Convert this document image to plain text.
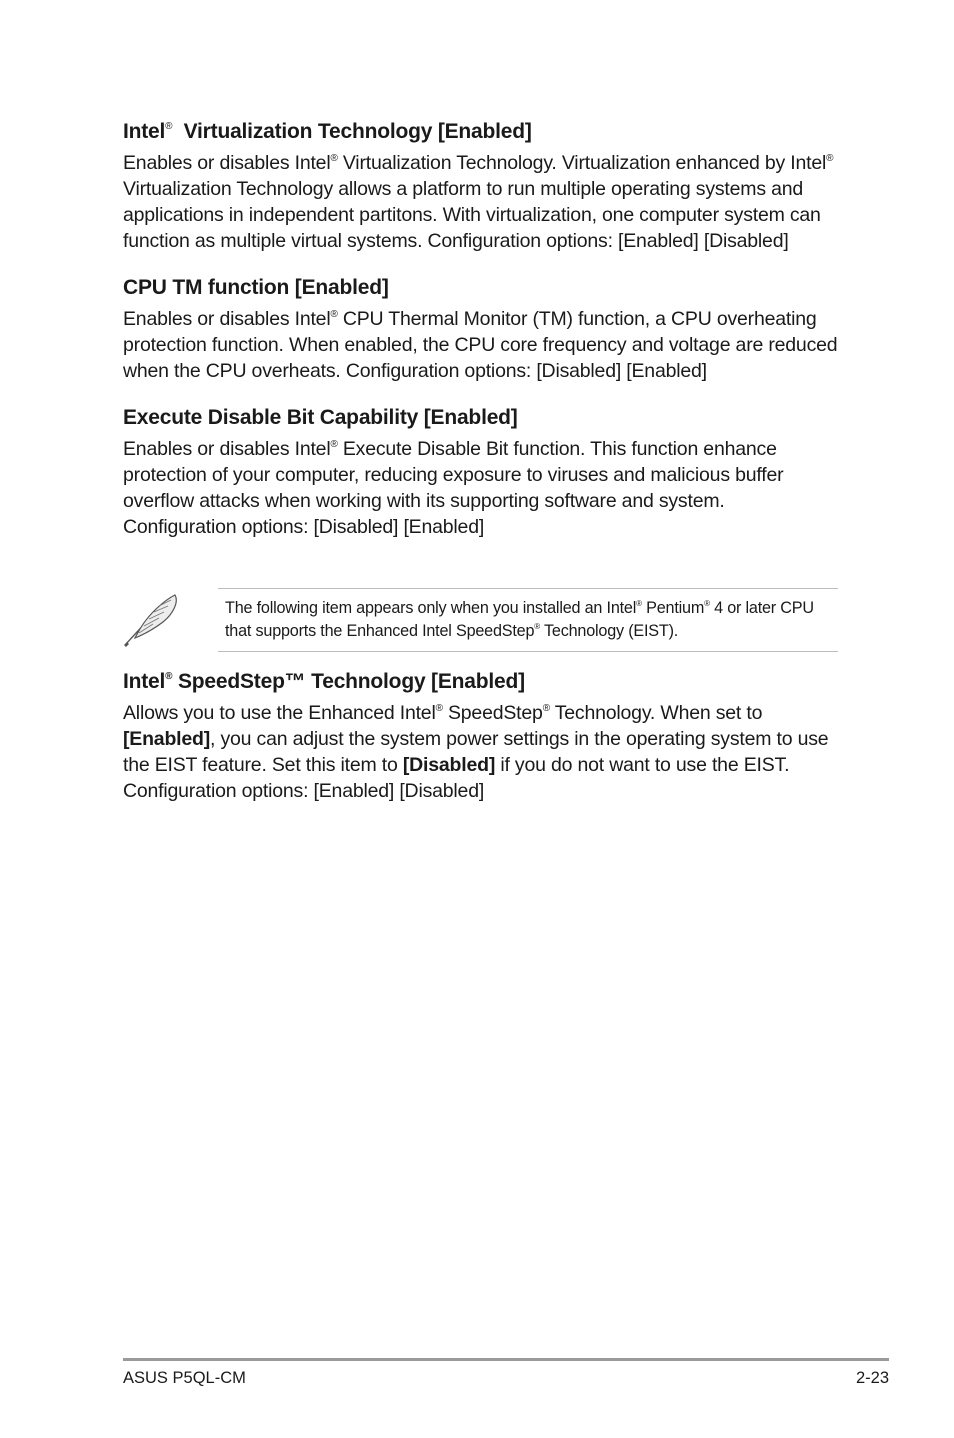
Intel®  Virtualization Technology [Enabled]

Enables or disables Intel® Virtualization Technology. Virtualization enhanced by Intel® Virtualization Technology allows a platform to run multiple operating systems and applications in independent partitons. With virtualization, one computer system can function as multiple virtual systems. Configuration options: [Enabled] [Disabled]

CPU TM function [Enabled]

Enables or disables Intel® CPU Thermal Monitor (TM) function, a CPU overheating protection function. When enabled, the CPU core frequency and voltage are reduced when the CPU overheats. Configuration options: [Disabled] [Enabled]

Execute Disable Bit Capability [Enabled]

Enables or disables Intel® Execute Disable Bit function. This function enhance protection of your computer, reducing exposure to viruses and malicious buffer overflow attacks when working with its supporting software and system. Configuration options: [Disabled] [Enabled]

The following item appears only when you installed an Intel® Pentium® 4 or later CPU that supports the Enhanced Intel SpeedStep® Technology (EIST).

Intel® SpeedStep™ Technology [Enabled]

Allows you to use the Enhanced Intel® SpeedStep® Technology. When set to [Enabled], you can adjust the system power settings in the operating system to use the EIST feature. Set this item to [Disabled] if you do not want to use the EIST. Configuration options: [Enabled] [Disabled]

ASUS P5QL-CM	2-23
